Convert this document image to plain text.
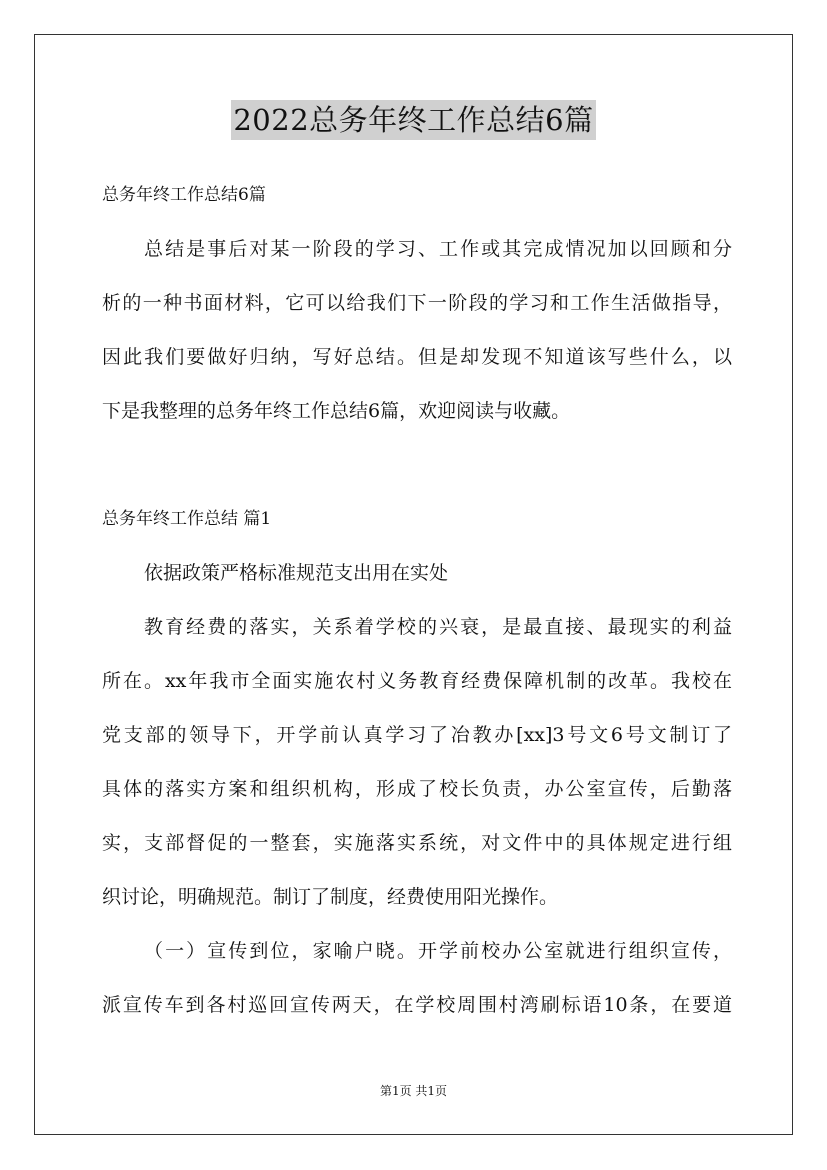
2022总务年终工作总结6篇
总务年终工作总结6篇
总结是事后对某一阶段的学习、工作或其完成情况加以回顾和分
析的一种书面材料，它可以给我们下一阶段的学习和工作生活做指导，
因此我们要做好归纳，写好总结。但是却发现不知道该写些什么，以
下是我整理的总务年终工作总结6篇，欢迎阅读与收藏。
总务年终工作总结 篇1
依据政策严格标准规范支出用在实处
教育经费的落实，关系着学校的兴衰，是最直接、最现实的利益
所在。xx年我市全面实施农村义务教育经费保障机制的改革。我校在
党支部的领导下，开学前认真学习了冶教办[xx]3号文6号文制订了
具体的落实方案和组织机构，形成了校长负责，办公室宣传，后勤落
实，支部督促的一整套，实施落实系统，对文件中的具体规定进行组
织讨论，明确规范。制订了制度，经费使用阳光操作。
（一）宣传到位，家喻户晓。开学前校办公室就进行组织宣传，
派宣传车到各村巡回宣传两天，在学校周围村湾刷标语10条，在要道
第1页 共1页
